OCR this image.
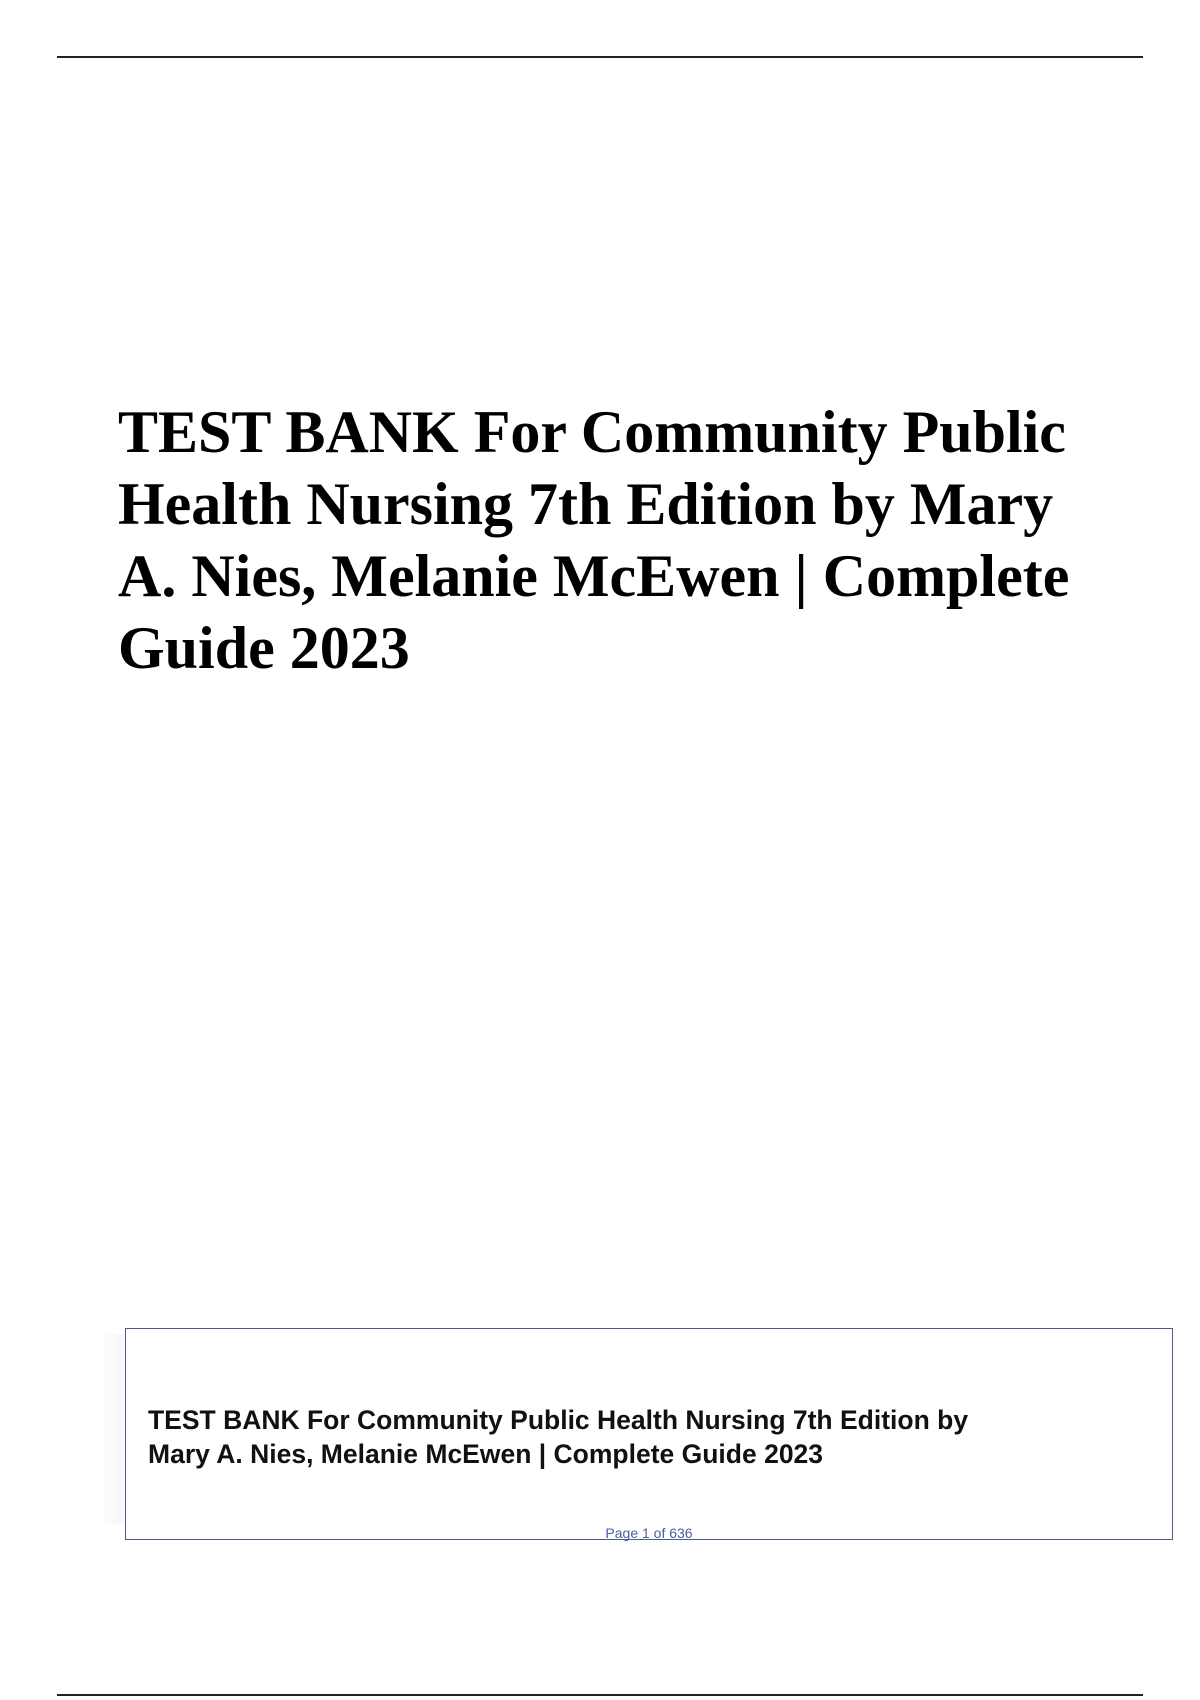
TEST BANK For Community Public
Health Nursing 7th Edition by Mary
A. Nies, Melanie McEwen | Complete
Guide 2023

TEST BANK For Community Public Health Nursing 7th Edition by
Mary A. Nies, Melanie McEwen | Complete Guide 2023

Page 1 of 636
